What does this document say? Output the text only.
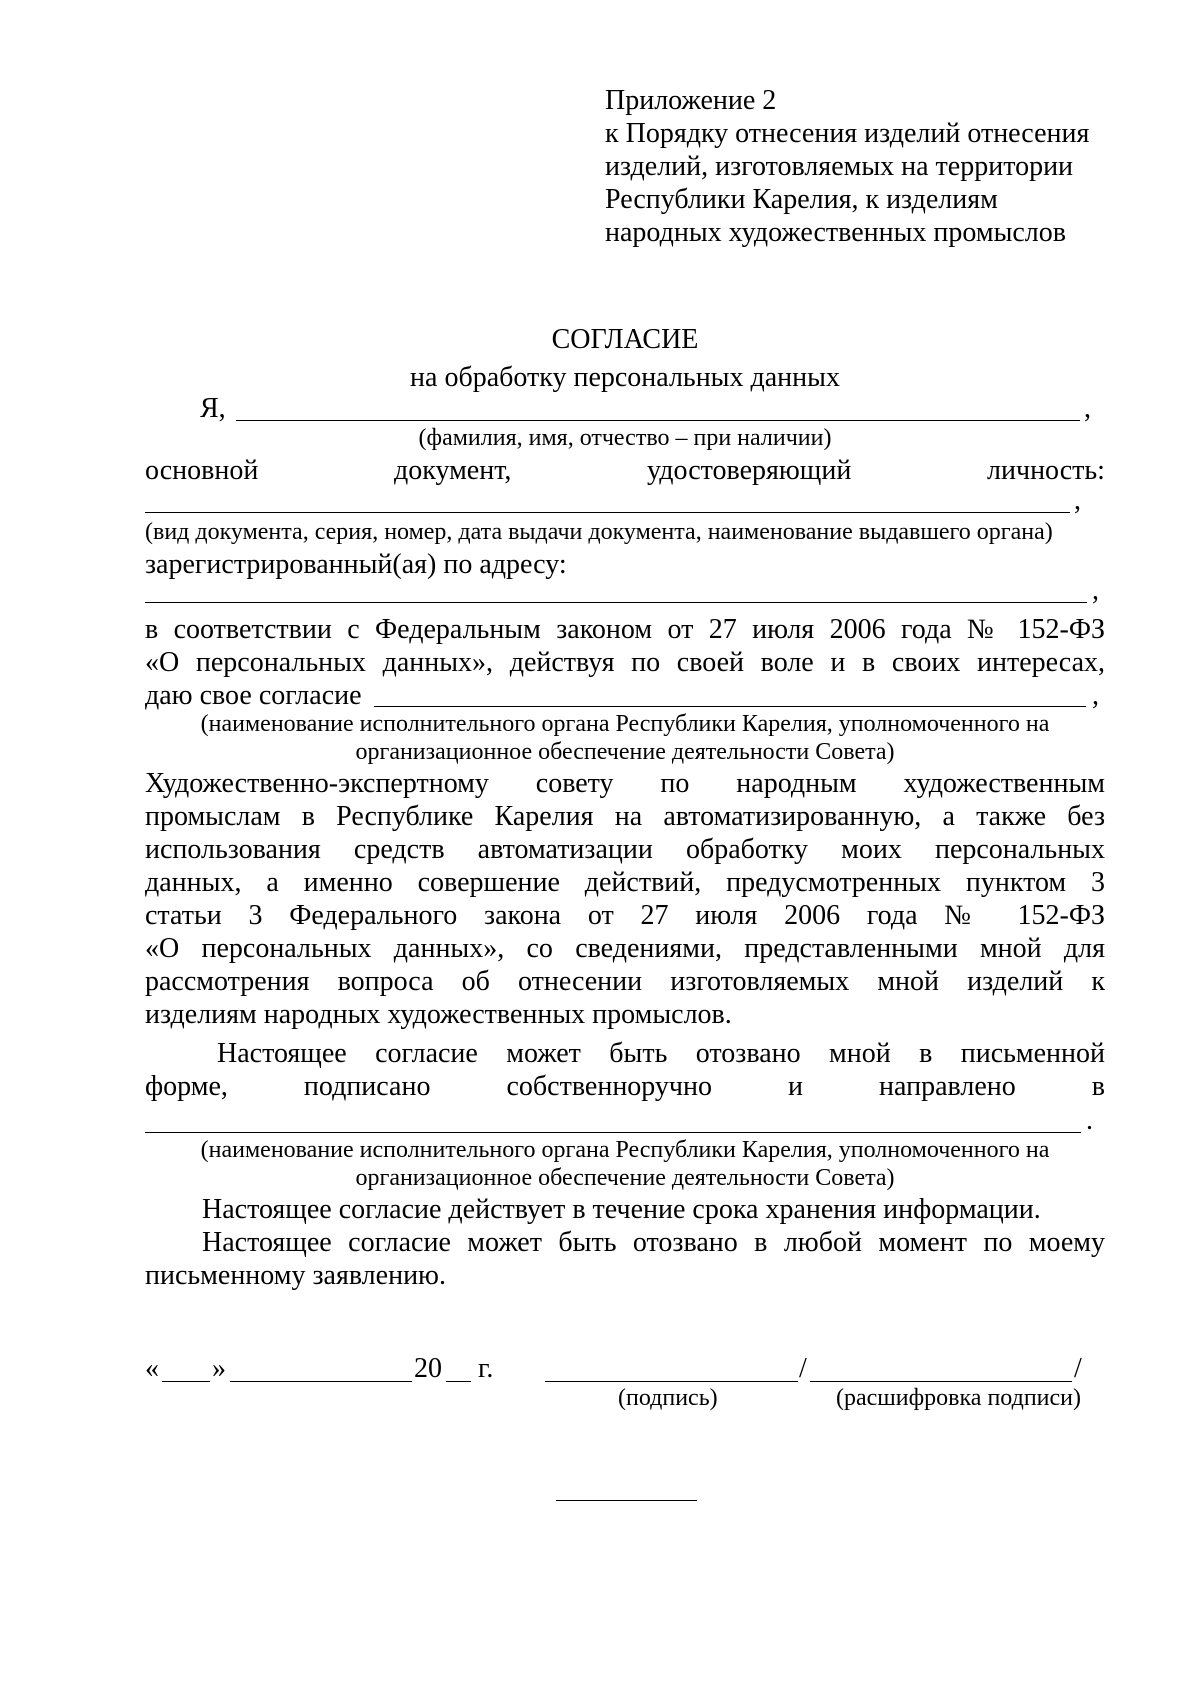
Приложение 2
к Порядку отнесения изделий отнесения
изделий, изготовляемых на территории
Республики Карелия, к изделиям
народных художественных промыслов
СОГЛАСИЕ
на обработку персональных данных
Я,	,
(фамилия, имя, отчество – при наличии)
основной	документ,	удостоверяющий	личность:
,
(вид документа, серия, номер, дата выдачи документа, наименование выдавшего органа)
зарегистрированный(ая) по адресу:
,
в соответствии с Федеральным законом от 27 июля 2006 года № 152-ФЗ
«О персональных данных», действуя по своей воле и в своих интересах,
даю свое согласие	,
(наименование исполнительного органа Республики Карелия, уполномоченного на
организационное обеспечение деятельности Совета)
Художественно-экспертному совету по народным художественным
промыслам в Республике Карелия на автоматизированную, а также без
использования средств автоматизации обработку моих персональных
данных, а именно совершение действий, предусмотренных пунктом 3
статьи 3 Федерального закона от 27 июля 2006 года № 152-ФЗ
«О персональных данных», со сведениями, представленными мной для
рассмотрения вопроса об отнесении изготовляемых мной изделий к
изделиям народных художественных промыслов.
Настоящее согласие может быть отозвано мной в письменной
форме, подписано собственноручно и направлено в
.
(наименование исполнительного органа Республики Карелия, уполномоченного на
организационное обеспечение деятельности Совета)
Настоящее согласие действует в течение срока хранения информации.
Настоящее согласие может быть отозвано в любой момент по моему
письменному заявлению.
« »	20 г.	/	/
(подпись)	(расшифровка подписи)
